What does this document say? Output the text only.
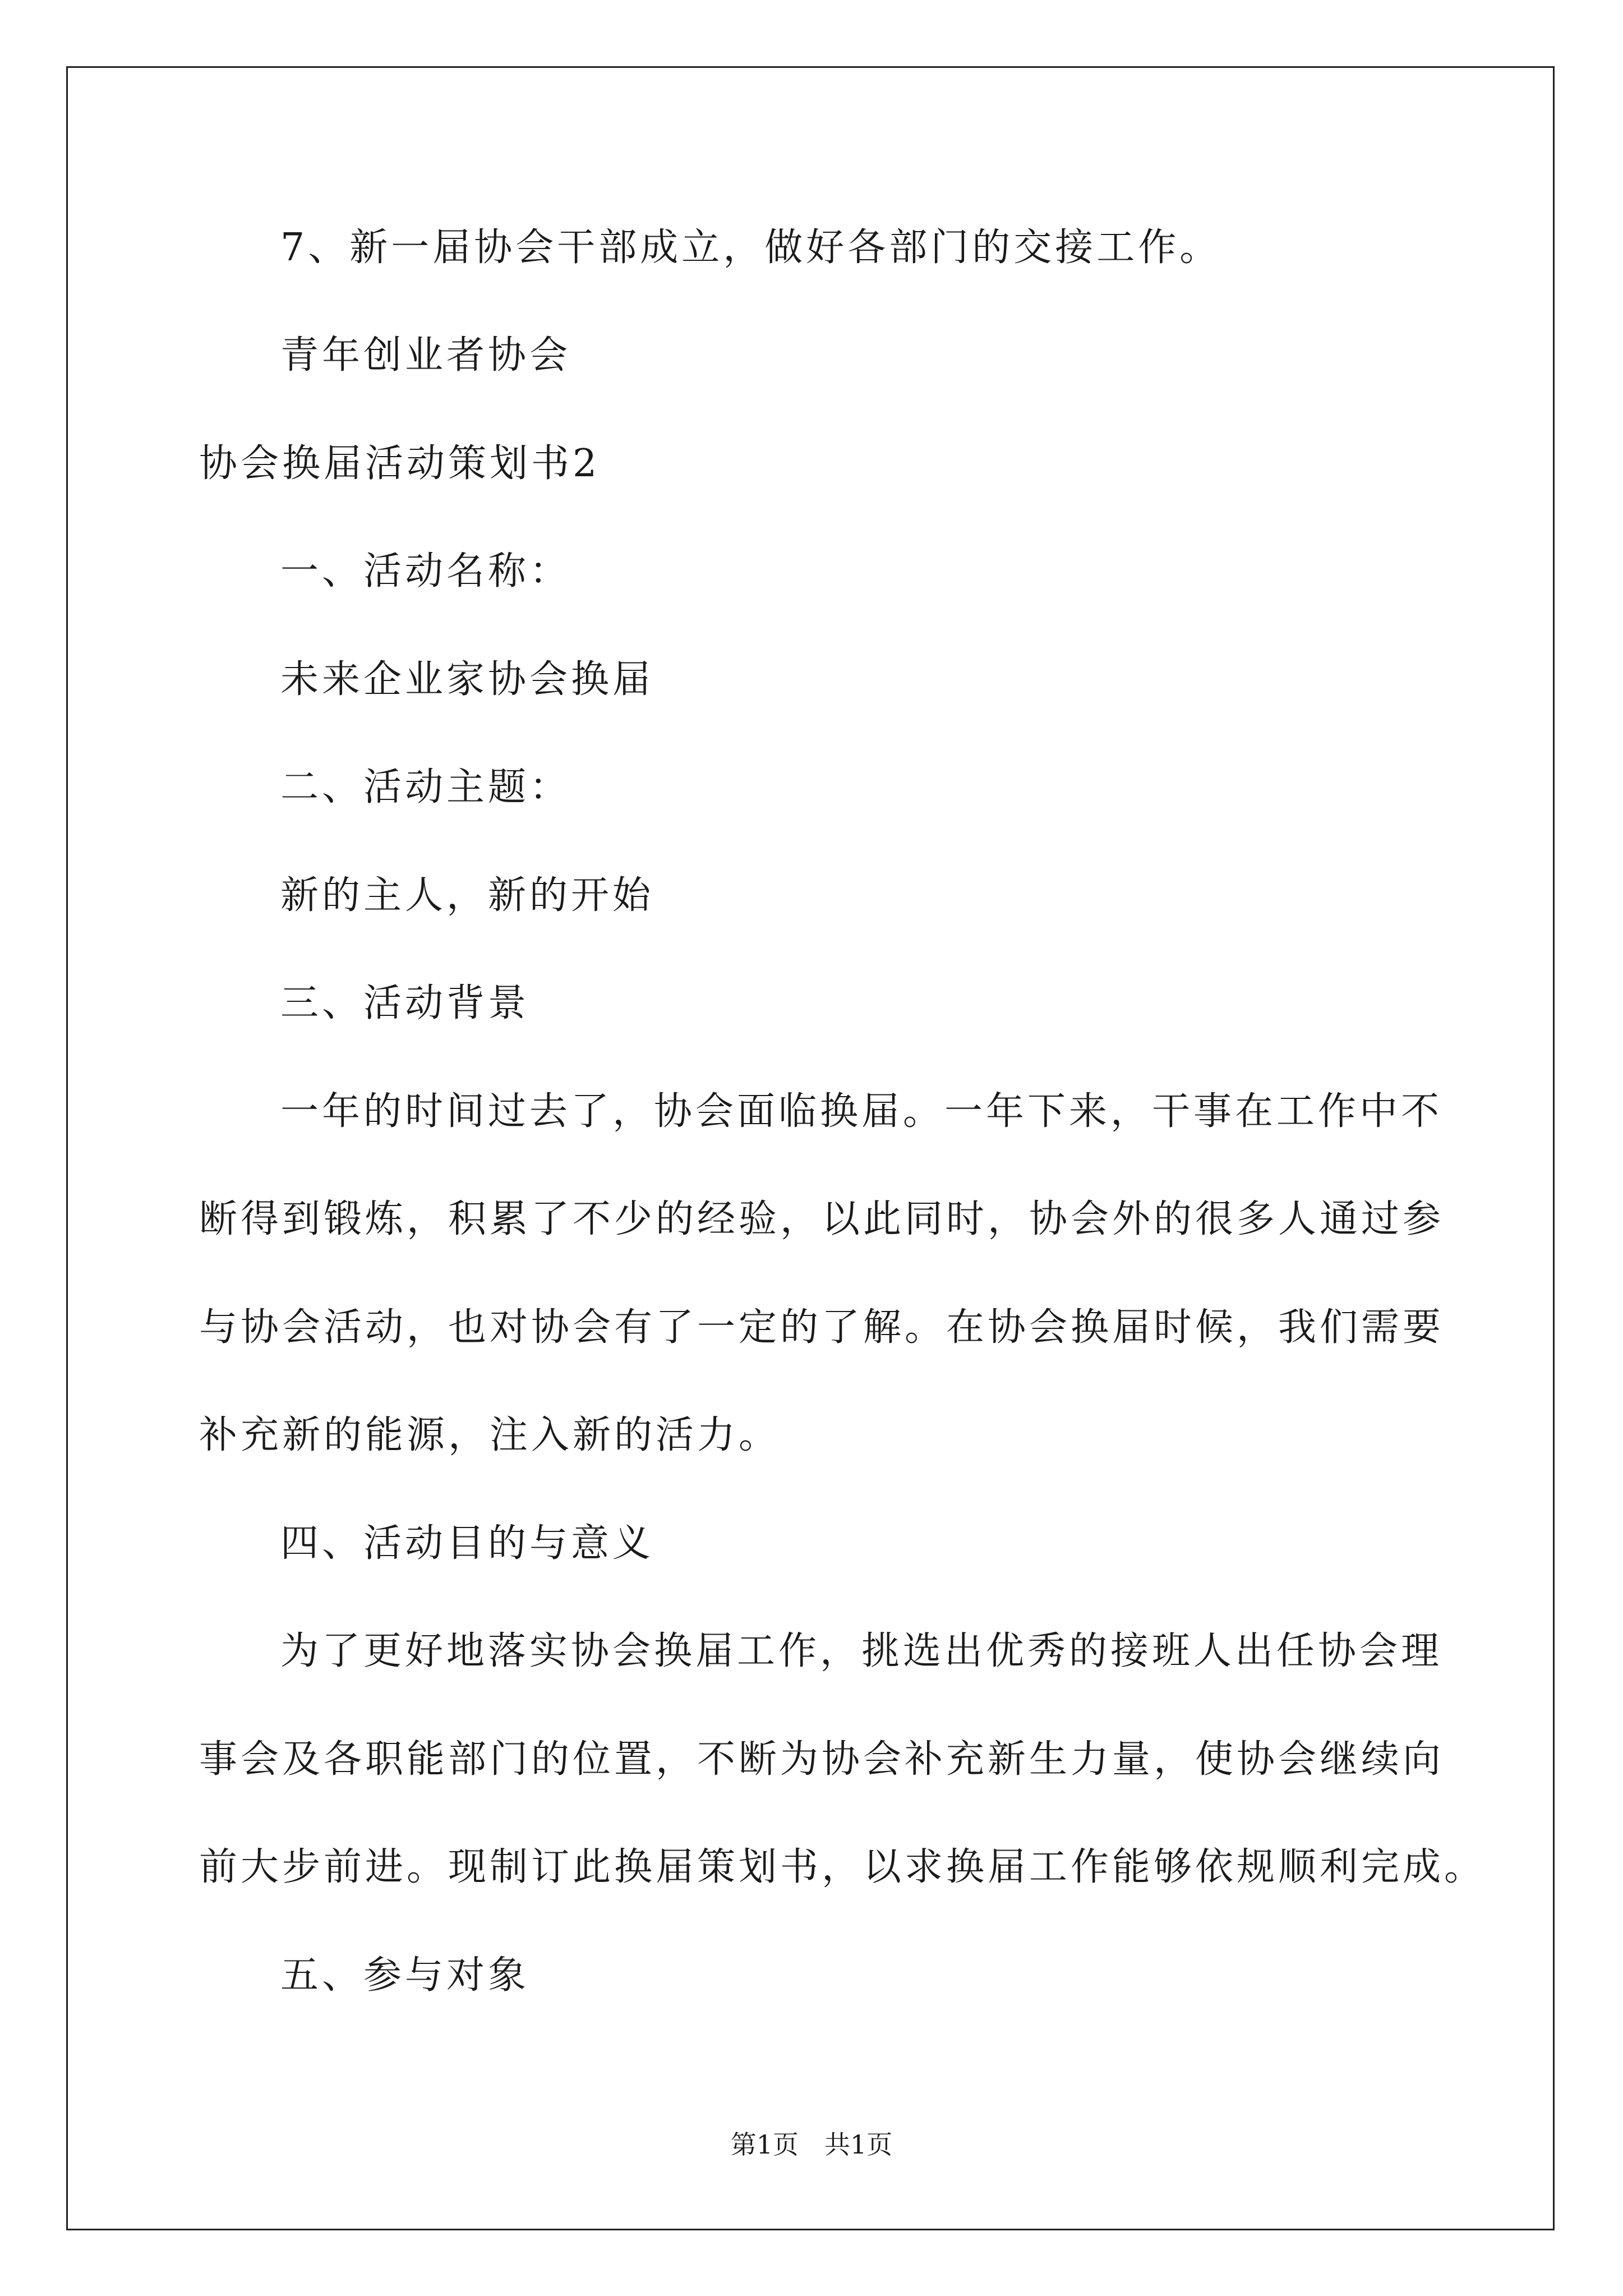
7、新一届协会干部成立，做好各部门的交接工作。
青年创业者协会
协会换届活动策划书2
一、活动名称：
未来企业家协会换届
二、活动主题：
新的主人，新的开始
三、活动背景
一年的时间过去了，协会面临换届。一年下来，干事在工作中不
断得到锻炼，积累了不少的经验，以此同时，协会外的很多人通过参
与协会活动，也对协会有了一定的了解。在协会换届时候，我们需要
补充新的能源，注入新的活力。
四、活动目的与意义
为了更好地落实协会换届工作，挑选出优秀的接班人出任协会理
事会及各职能部门的位置，不断为协会补充新生力量，使协会继续向
前大步前进。现制订此换届策划书，以求换届工作能够依规顺利完成。
五、参与对象
第1页　共1页
